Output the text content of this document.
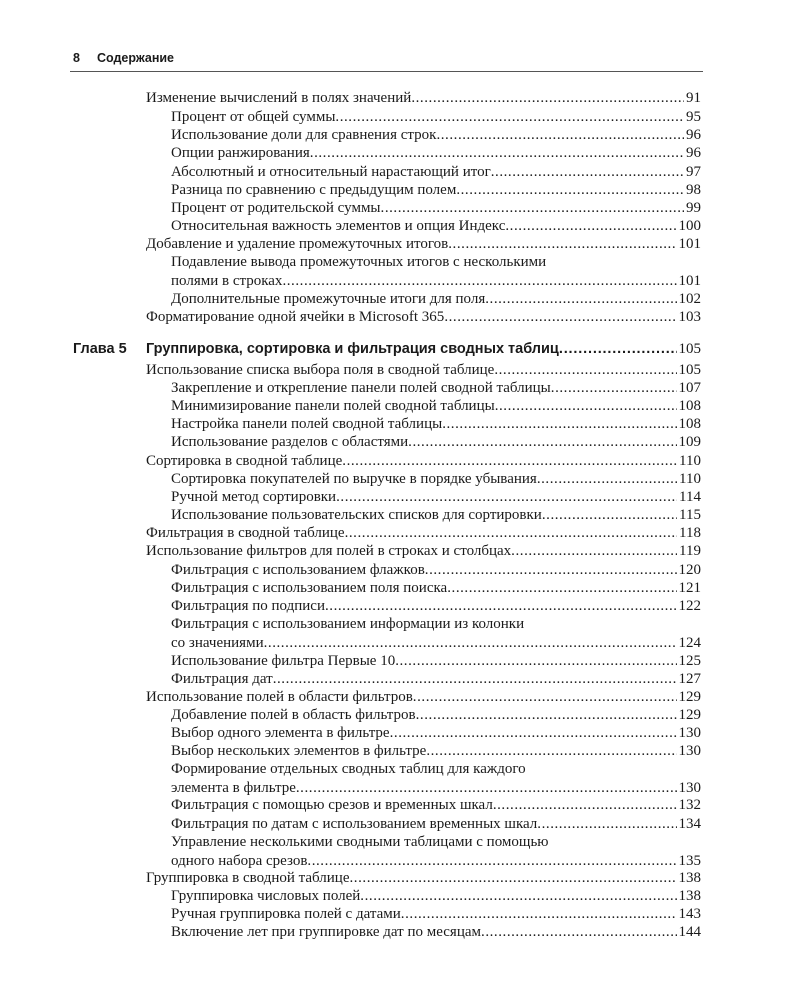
8 Содержание
Изменение вычислений в полях значений . . .	91
Процент от общей суммы . . .	95
Использование доли для сравнения строк . . .	96
Опции ранжирования . . .	96
Абсолютный и относительный нарастающий итог . . .	97
Разница по сравнению с предыдущим полем . . .	98
Процент от родительской суммы . . .	99
Относительная важность элементов и опция Индекс . . .	100
Добавление и удаление промежуточных итогов . . .	101
Подавление вывода промежуточных итогов с несколькими
полями в строках . . .	101
Дополнительные промежуточные итоги для поля . . .	102
Форматирование одной ячейки в Microsoft 365 . . .	103
Глава 5 Группировка, сортировка и фильтрация сводных таблиц . . .	105
Использование списка выбора поля в сводной таблице . . .	105
Закрепление и открепление панели полей сводной таблицы . . .	107
Минимизирование панели полей сводной таблицы . . .	108
Настройка панели полей сводной таблицы . . .	108
Использование разделов с областями . . .	109
Сортировка в сводной таблице . . .	110
Сортировка покупателей по выручке в порядке убывания . . .	110
Ручной метод сортировки . . .	114
Использование пользовательских списков для сортировки . . .	115
Фильтрация в сводной таблице . . .	118
Использование фильтров для полей в строках и столбцах . . .	119
Фильтрация с использованием флажков . . .	120
Фильтрация с использованием поля поиска . . .	121
Фильтрация по подписи . . .	122
Фильтрация с использованием информации из колонки
со значениями . . .	124
Использование фильтра Первые 10 . . .	125
Фильтрация дат . . .	127
Использование полей в области фильтров . . .	129
Добавление полей в область фильтров . . .	129
Выбор одного элемента в фильтре . . .	130
Выбор нескольких элементов в фильтре . . .	130
Формирование отдельных сводных таблиц для каждого
элемента в фильтре . . .	130
Фильтрация с помощью срезов и временных шкал . . .	132
Фильтрация по датам с использованием временных шкал . . .	134
Управление несколькими сводными таблицами с помощью
одного набора срезов . . .	135
Группировка в сводной таблице . . .	138
Группировка числовых полей . . .	138
Ручная группировка полей с датами . . .	143
Включение лет при группировке дат по месяцам . . .	144
